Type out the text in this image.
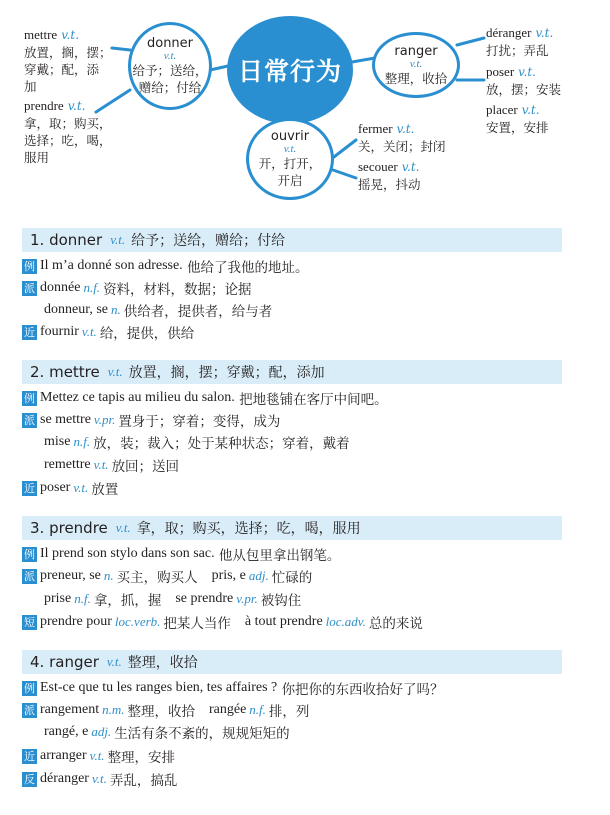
日常行为
donner
v.t.
给予；送给，
赠给；付给
ranger
v.t.
整理，收拾
ouvrir
v.t.
开，打开，
开启
mettre v.t.
放置，搁，摆；
穿戴；配，添
加
prendre v.t.
拿，取；购买，
选择；吃，喝，
服用
fermer v.t.
关，关闭；封闭
secouer v.t.
摇晃，抖动
déranger v.t.
打扰；弄乱
poser v.t.
放，摆；安装
placer v.t.
安置，安排
1. donner v.t. 给予；送给，赠给；付给
例 Il m’a donné son adresse.
他给了我他的地址。
派 donnée n.f. 资料，材料，数据；论据
donneur, se n. 供给者，提供者，给与者
近 fournir v.t. 给，提供，供给
2. mettre v.t. 放置，搁，摆；穿戴；配，添加
例 Mettez ce tapis au milieu du salon.
把地毯铺在客厅中间吧。
派 se mettre v.pr. 置身于；穿着；变得，成为
mise n.f. 放，装；裁入；处于某种状态；穿着，戴着
remettre v.t. 放回；送回
近 poser v.t. 放置
3. prendre v.t. 拿，取；购买，选择；吃，喝，服用
例 Il prend son stylo dans son sac.
他从包里拿出钢笔。
派 preneur, se n. 买主，购买人 pris, e adj. 忙碌的
prise n.f. 拿，抓，握 se prendre v.pr. 被钩住
短 prendre pour loc.verb. 把某人当作 à tout prendre loc.adv. 总的来说
4. ranger v.t. 整理，收拾
例 Est-ce que tu les ranges bien, tes affaires ?
你把你的东西收拾好了吗？
派 rangement n.m. 整理，收拾 rangée n.f. 排，列
rangé, e adj. 生活有条不紊的，规规矩矩的
近 arranger v.t. 整理，安排
反 déranger v.t. 弄乱，搞乱
